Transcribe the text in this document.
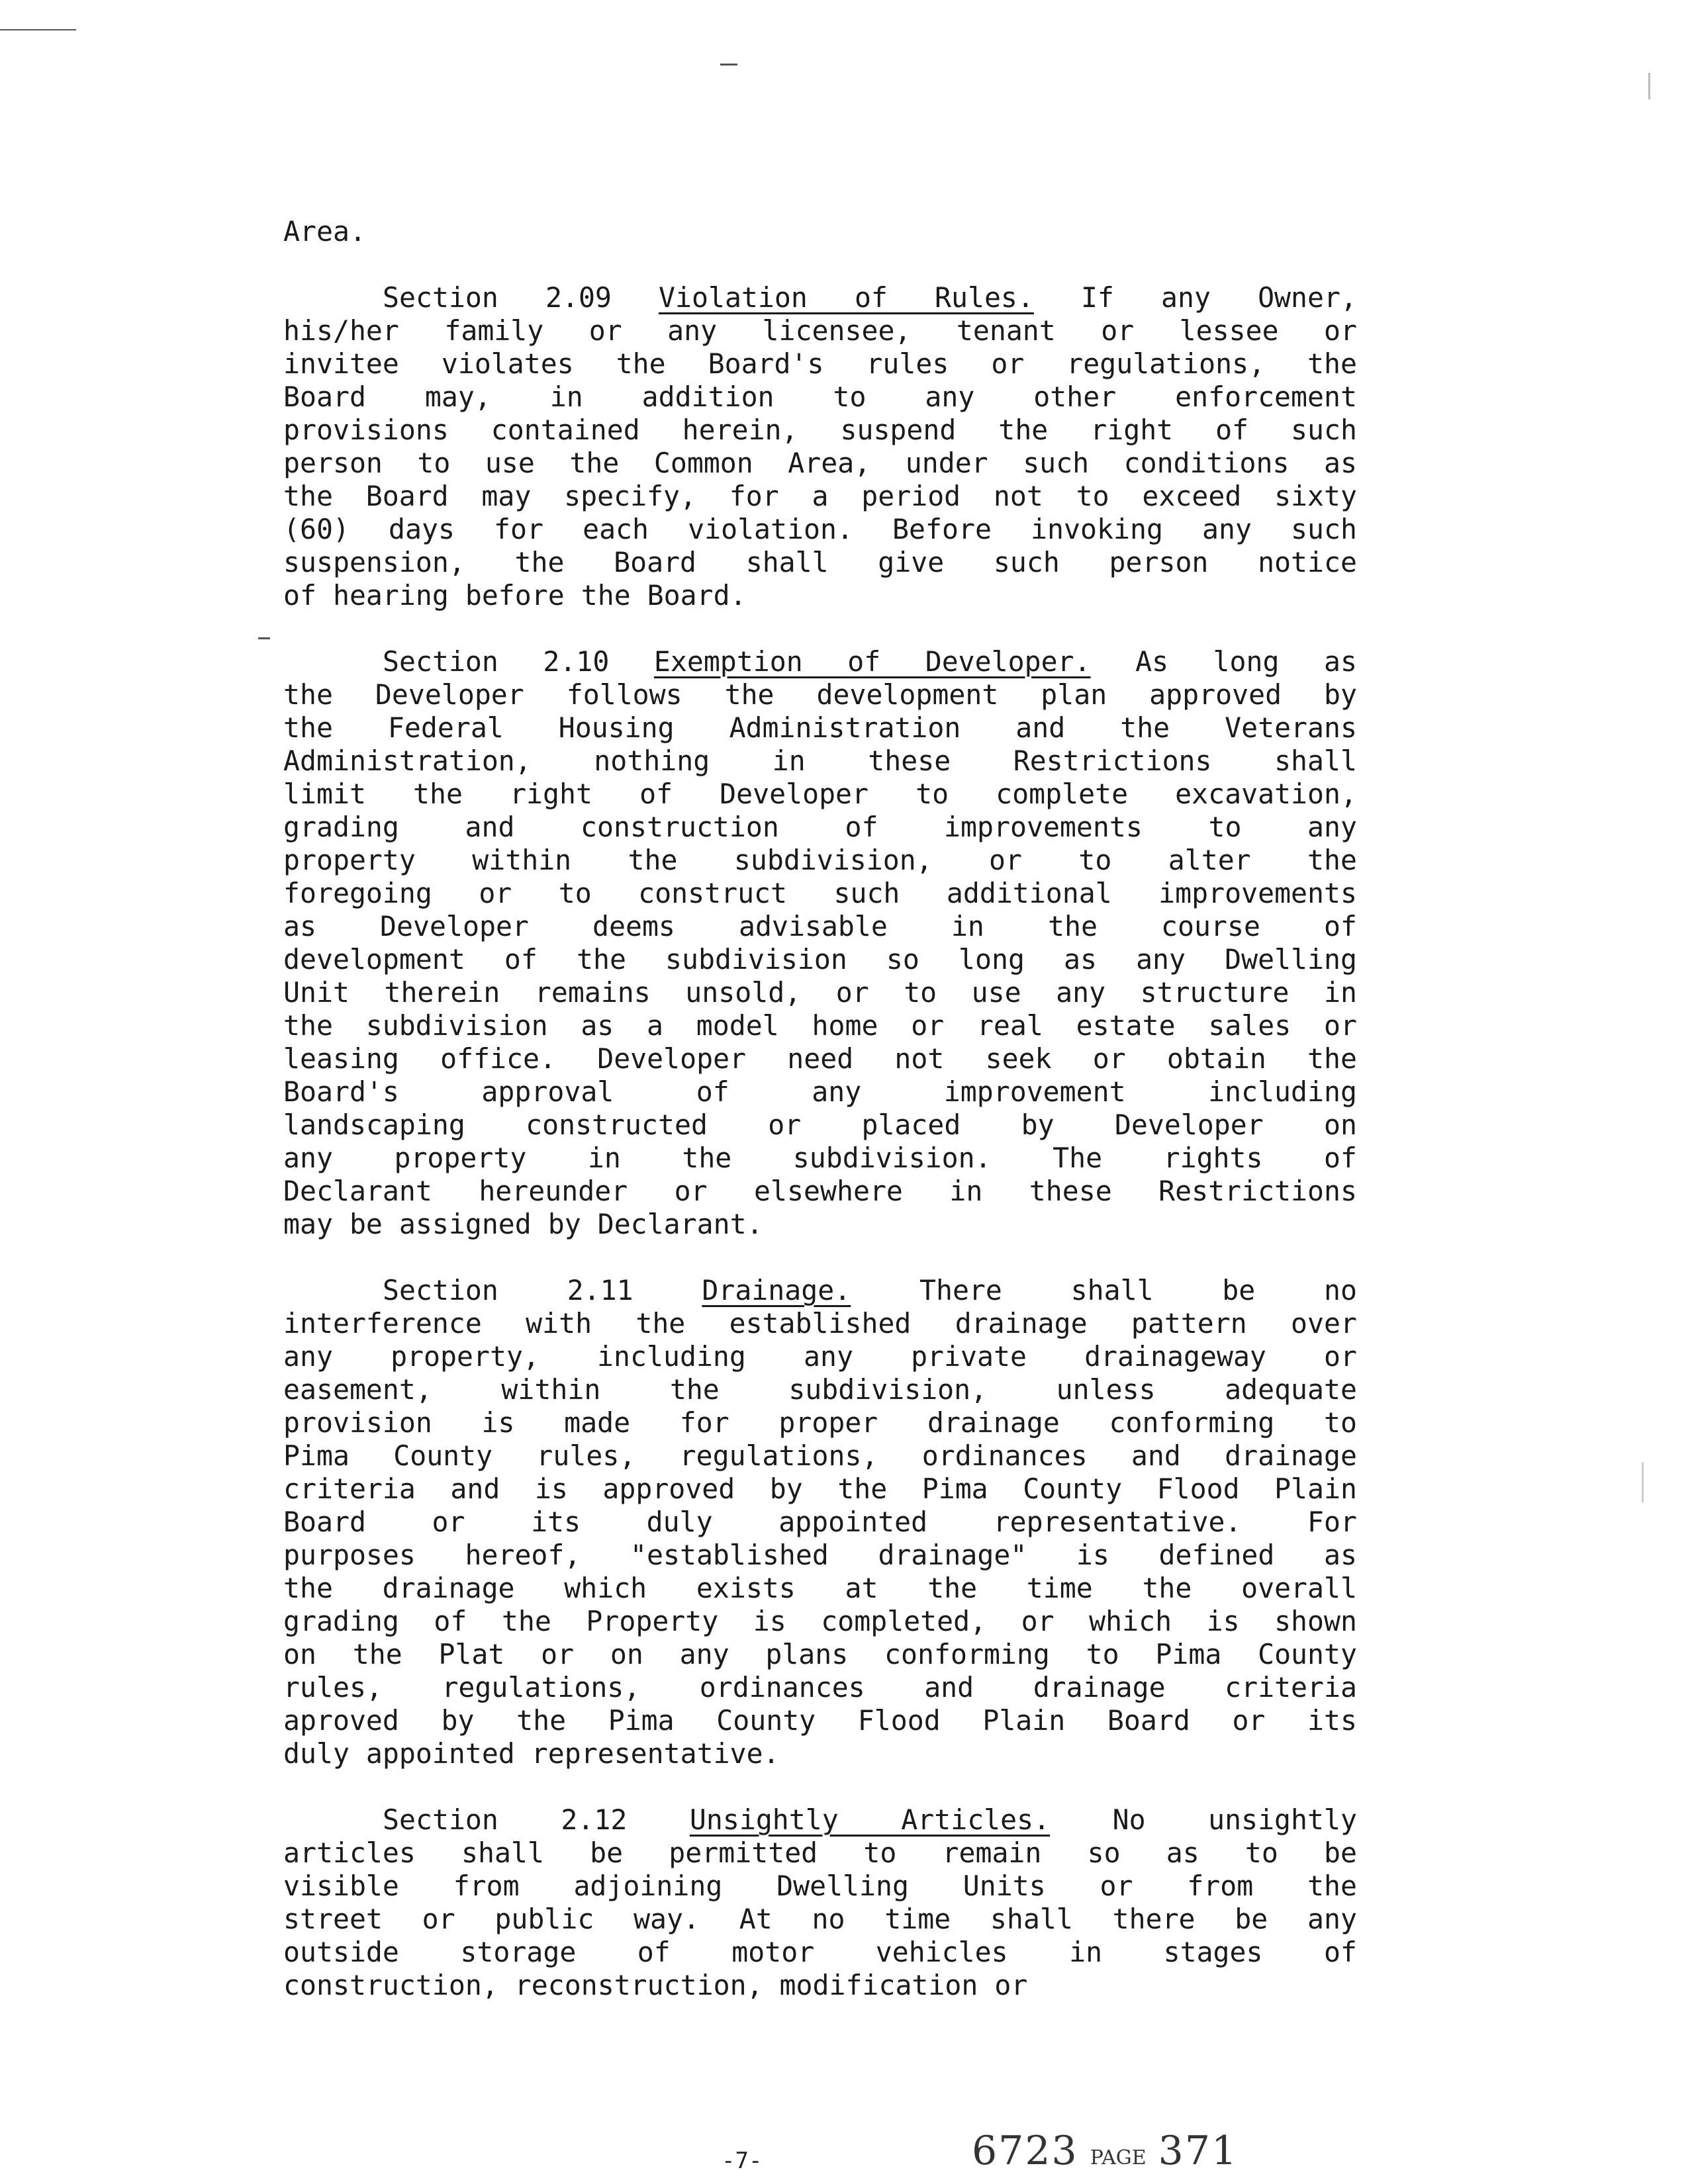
Area.
Section 2.09 Violation of Rules. If any Owner,
his/her family or any licensee, tenant or lessee or
invitee violates the Board's rules or regulations, the
Board may, in addition to any other enforcement
provisions contained herein, suspend the right of such
person to use the Common Area, under such conditions as
the Board may specify, for a period not to exceed sixty
(60) days for each violation. Before invoking any such
suspension, the Board shall give such person notice
of hearing before the Board.
Section 2.10 Exemption of Developer. As long as
the Developer follows the development plan approved by
the Federal Housing Administration and the Veterans
Administration, nothing in these Restrictions shall
limit the right of Developer to complete excavation,
grading and construction of improvements to any
property within the subdivision, or to alter the
foregoing or to construct such additional improvements
as Developer deems advisable in the course of
development of the subdivision so long as any Dwelling
Unit therein remains unsold, or to use any structure in
the subdivision as a model home or real estate sales or
leasing office. Developer need not seek or obtain the
Board's approval of any improvement including
landscaping constructed or placed by Developer on
any property in the subdivision. The rights of
Declarant hereunder or elsewhere in these Restrictions
may be assigned by Declarant.
Section 2.11	Drainage.	There shall be no
interference with the established drainage pattern over
any property, including any private drainageway or
easement, within the subdivision, unless adequate
provision is made for proper drainage conforming to
Pima County rules, regulations, ordinances and drainage
criteria and is approved by the Pima County Flood Plain
Board or its duly appointed representative. For
purposes hereof, "established drainage" is defined as
the drainage which exists at the time the overall
grading of the Property is completed, or which is shown
on the Plat or on any plans conforming to Pima County
rules, regulations, ordinances and drainage criteria
aproved by the Pima County Flood Plain Board or its
duly appointed representative.
Section 2.12 Unsightly Articles. No unsightly
articles shall be permitted to remain so as to be
visible from adjoining Dwelling Units or from the
street or public way. At no time shall there be any
outside storage of motor vehicles in stages of
construction, reconstruction, modification or
-7-	6723 PAGE 371
